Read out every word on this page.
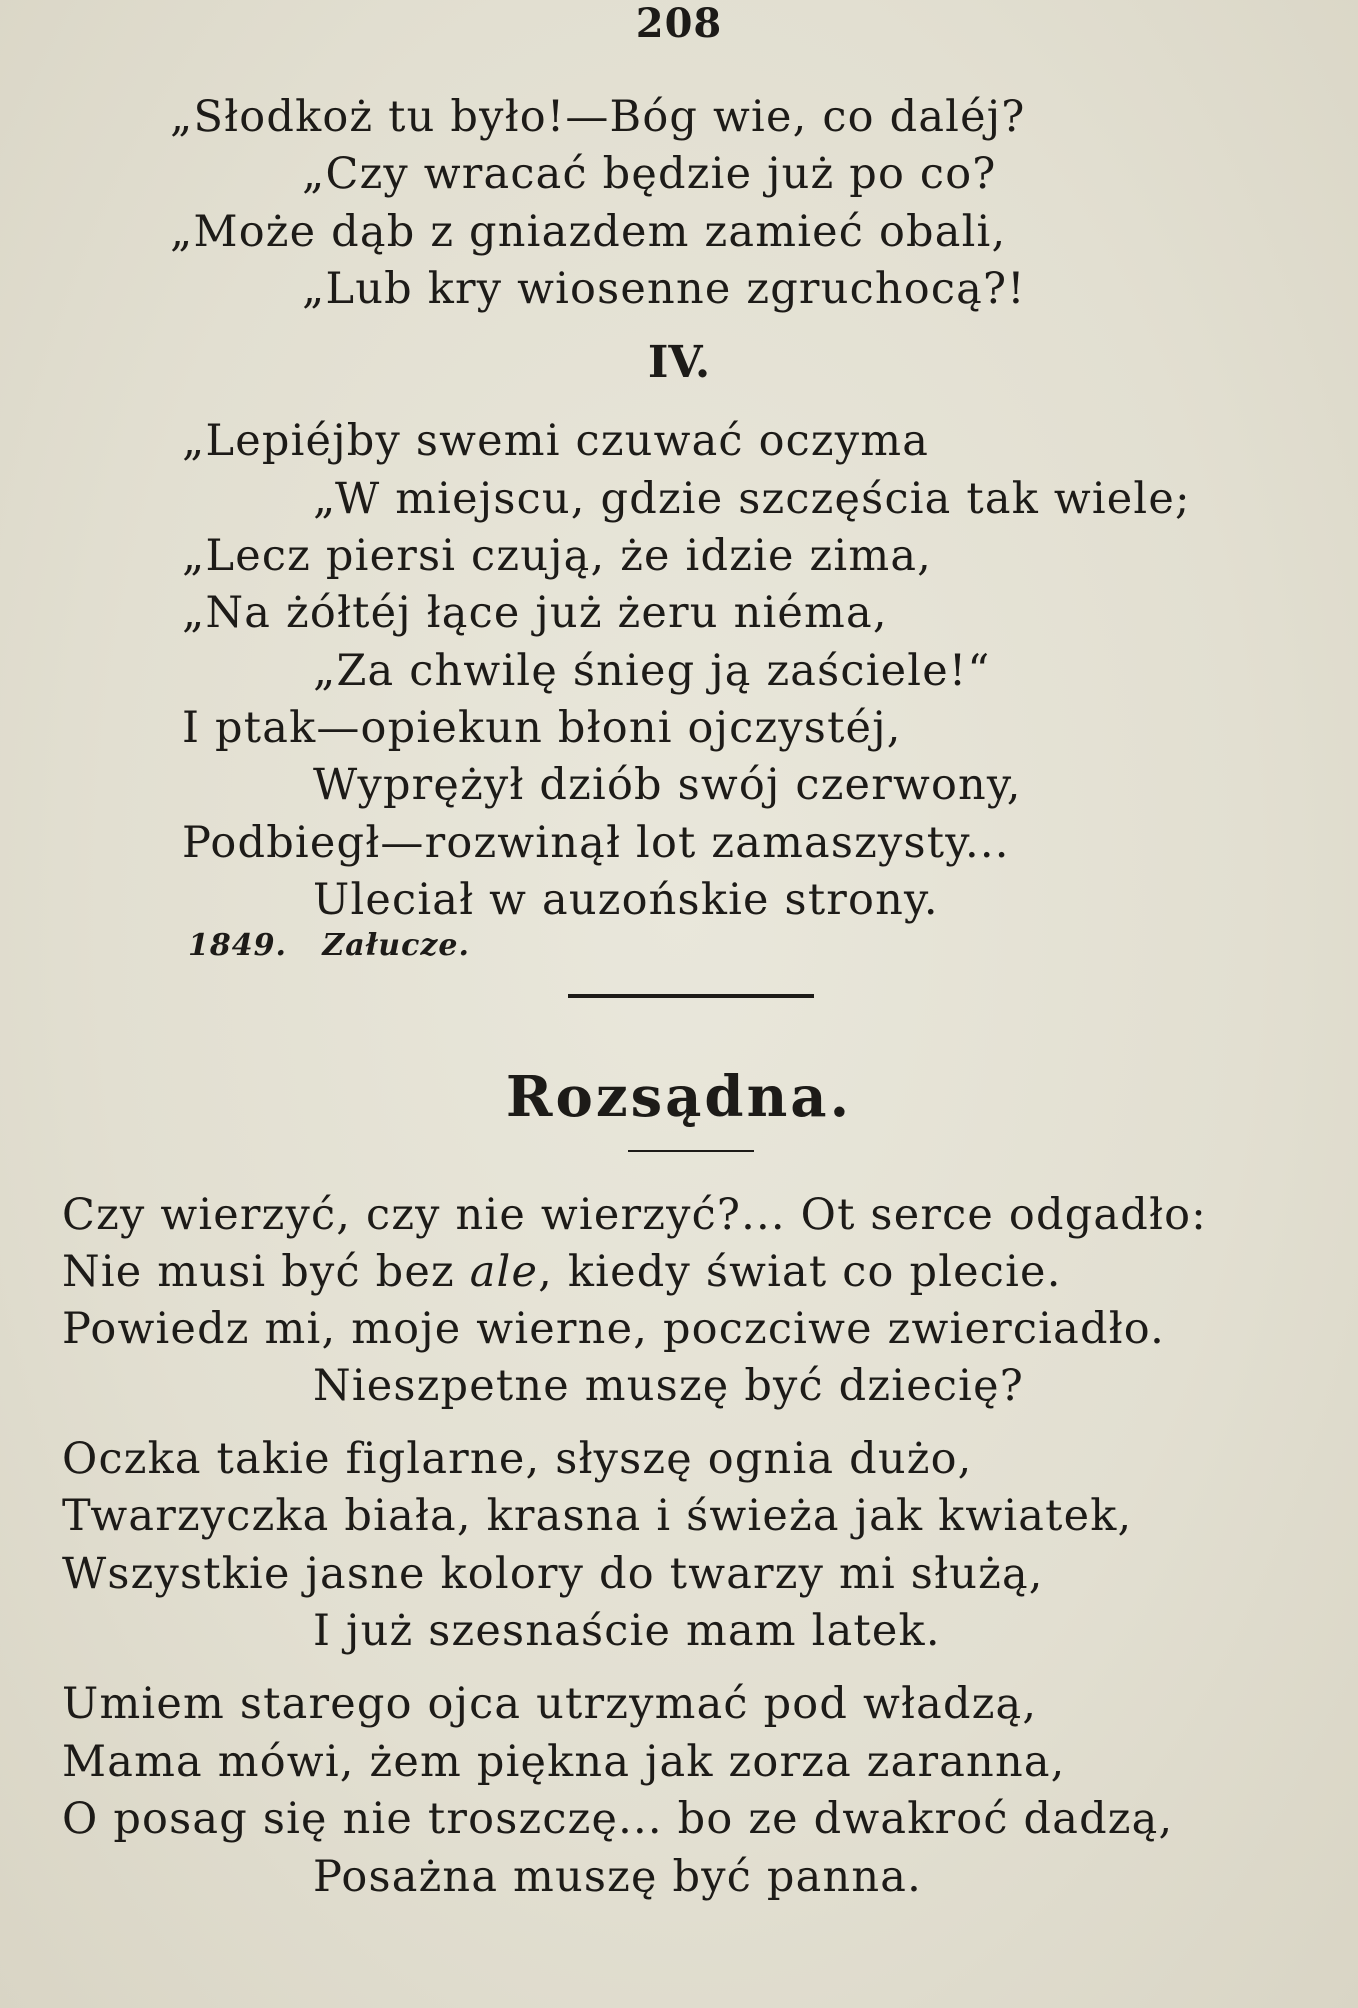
208
„Słodkoż tu było!—Bóg wie, co daléj?
„Czy wracać będzie już po co?
„Może dąb z gniazdem zamieć obali,
„Lub kry wiosenne zgruchocą?!
IV.
„Lepiéjby swemi czuwać oczyma
„W miejscu, gdzie szczęścia tak wiele;
„Lecz piersi czują, że idzie zima,
„Na żółtéj łące już żeru niéma,
„Za chwilę śnieg ją zaściele!“
I ptak—opiekun błoni ojczystéj,
Wyprężył dziób swój czerwony,
Podbiegł—rozwinął lot zamaszysty...
Uleciał w auzońskie strony.
1849. Załucze.
Rozsądna.
Czy wierzyć, czy nie wierzyć?... Ot serce odgadło:
Nie musi być bez ale, kiedy świat co plecie.
Powiedz mi, moje wierne, poczciwe zwierciadło.
Nieszpetne muszę być dziecię?
Oczka takie figlarne, słyszę ognia dużo,
Twarzyczka biała, krasna i świeża jak kwiatek,
Wszystkie jasne kolory do twarzy mi służą,
I już szesnaście mam latek.
Umiem starego ojca utrzymać pod władzą,
Mama mówi, żem piękna jak zorza zaranna,
O posag się nie troszczę... bo ze dwakroć dadzą,
Posażna muszę być panna.
